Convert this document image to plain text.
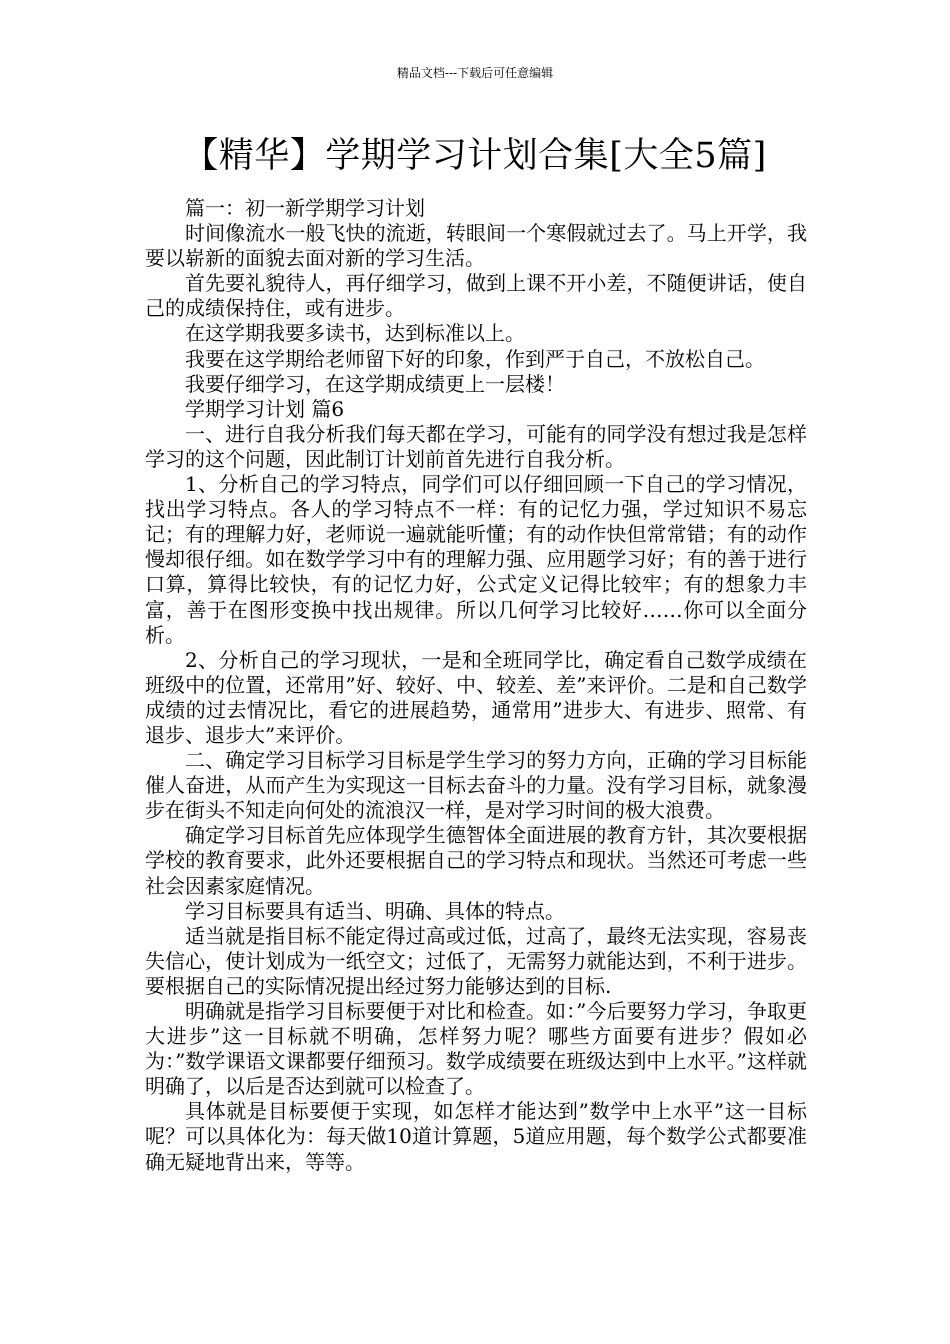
精品文档---下载后可任意编辑
【精华】学期学习计划合集[大全5篇]

篇一：初一新学期学习计划

时间像流水一般飞快的流逝，转眼间一个寒假就过去了。马上开学，我要以崭新的面貌去面对新的学习生活。

首先要礼貌待人，再仔细学习，做到上课不开小差，不随便讲话，使自己的成绩保持住，或有进步。

在这学期我要多读书，达到标准以上。

我要在这学期给老师留下好的印象，作到严于自己，不放松自己。

我要仔细学习，在这学期成绩更上一层楼！

学期学习计划 篇6

一、进行自我分析我们每天都在学习，可能有的同学没有想过我是怎样学习的这个问题，因此制订计划前首先进行自我分析。

1、分析自己的学习特点，同学们可以仔细回顾一下自己的学习情况，找出学习特点。各人的学习特点不一样：有的记忆力强，学过知识不易忘记；有的理解力好，老师说一遍就能听懂；有的动作快但常常错；有的动作慢却很仔细。如在数学学习中有的理解力强、应用题学习好；有的善于进行口算，算得比较快，有的记忆力好，公式定义记得比较牢；有的想象力丰富，善于在图形变换中找出规律。所以几何学习比较好……你可以全面分析。

2、分析自己的学习现状，一是和全班同学比，确定看自己数学成绩在班级中的位置，还常用”好、较好、中、较差、差”来评价。二是和自己数学成绩的过去情况比，看它的进展趋势，通常用”进步大、有进步、照常、有退步、退步大”来评价。

二、确定学习目标学习目标是学生学习的努力方向，正确的学习目标能催人奋进，从而产生为实现这一目标去奋斗的力量。没有学习目标，就象漫步在街头不知走向何处的流浪汉一样，是对学习时间的极大浪费。

确定学习目标首先应体现学生德智体全面进展的教育方针，其次要根据学校的教育要求，此外还要根据自己的学习特点和现状。当然还可考虑一些社会因素家庭情况。

学习目标要具有适当、明确、具体的特点。

适当就是指目标不能定得过高或过低，过高了，最终无法实现，容易丧失信心，使计划成为一纸空文；过低了，无需努力就能达到，不利于进步。要根据自己的实际情况提出经过努力能够达到的目标.

明确就是指学习目标要便于对比和检查。如：”今后要努力学习，争取更大进步”这一目标就不明确，怎样努力呢？哪些方面要有进步？假如必为：”数学课语文课都要仔细预习。数学成绩要在班级达到中上水平。”这样就明确了，以后是否达到就可以检查了。

具体就是目标要便于实现，如怎样才能达到”数学中上水平”这一目标呢？可以具体化为：每天做10道计算题，5道应用题，每个数学公式都要准确无疑地背出来，等等。
